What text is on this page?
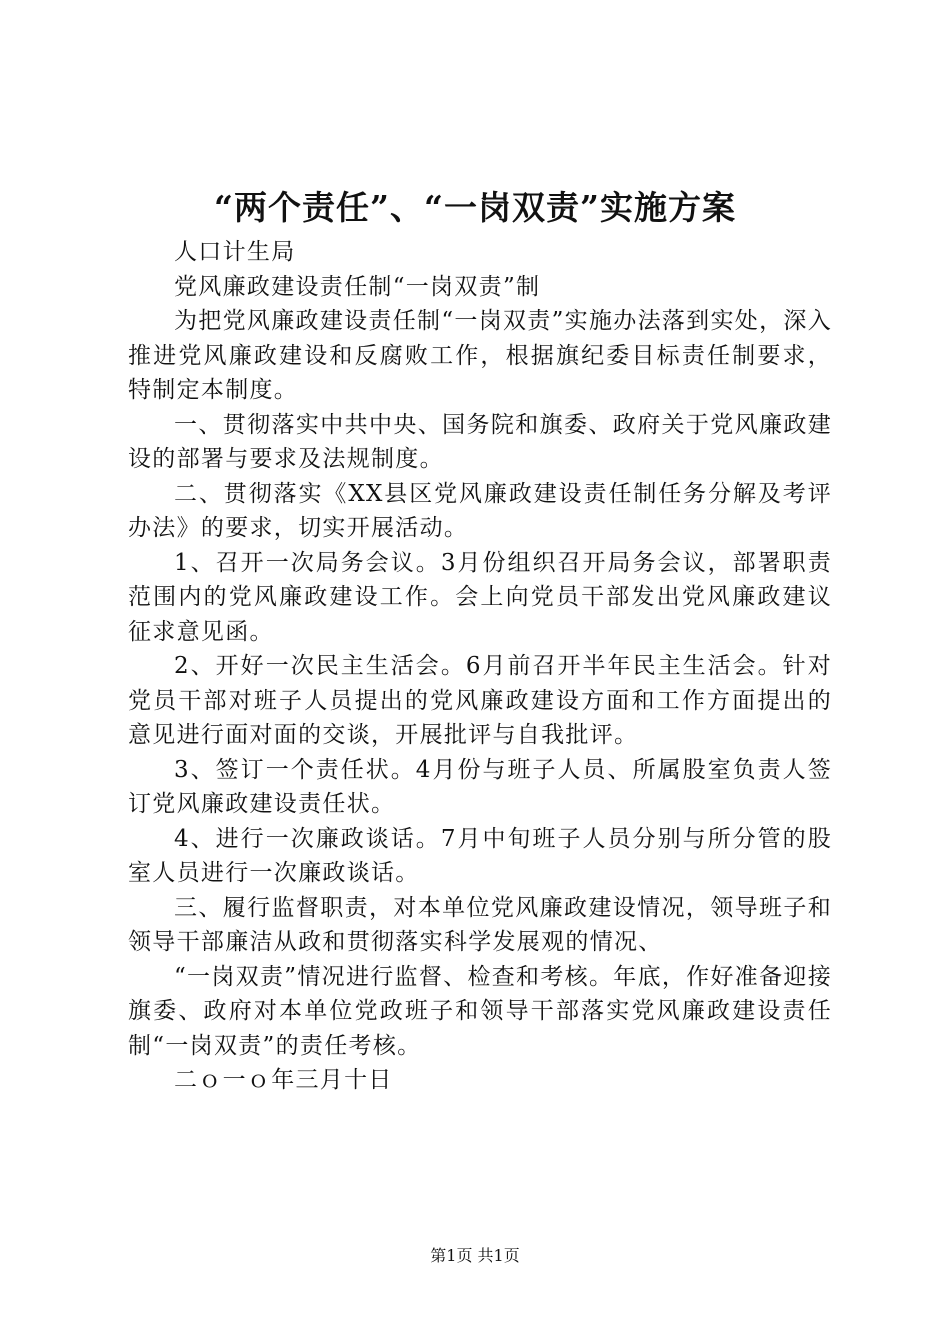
“两个责任”、“一岗双责”实施方案

人口计生局

党风廉政建设责任制“一岗双责”制

为把党风廉政建设责任制“一岗双责”实施办法落到实处，深入推进党风廉政建设和反腐败工作，根据旗纪委目标责任制要求，特制定本制度。

一、贯彻落实中共中央、国务院和旗委、政府关于党风廉政建设的部署与要求及法规制度。

二、贯彻落实《XX县区党风廉政建设责任制任务分解及考评办法》的要求，切实开展活动。

1、召开一次局务会议。3月份组织召开局务会议，部署职责范围内的党风廉政建设工作。会上向党员干部发出党风廉政建议征求意见函。

2、开好一次民主生活会。6月前召开半年民主生活会。针对党员干部对班子人员提出的党风廉政建设方面和工作方面提出的意见进行面对面的交谈，开展批评与自我批评。

3、签订一个责任状。4月份与班子人员、所属股室负责人签订党风廉政建设责任状。

4、进行一次廉政谈话。7月中旬班子人员分别与所分管的股室人员进行一次廉政谈话。

三、履行监督职责，对本单位党风廉政建设情况，领导班子和领导干部廉洁从政和贯彻落实科学发展观的情况、

“一岗双责”情况进行监督、检查和考核。年底，作好准备迎接旗委、政府对本单位党政班子和领导干部落实党风廉政建设责任制“一岗双责”的责任考核。

二ｏ一ｏ年三月十日

第1页 共1页
